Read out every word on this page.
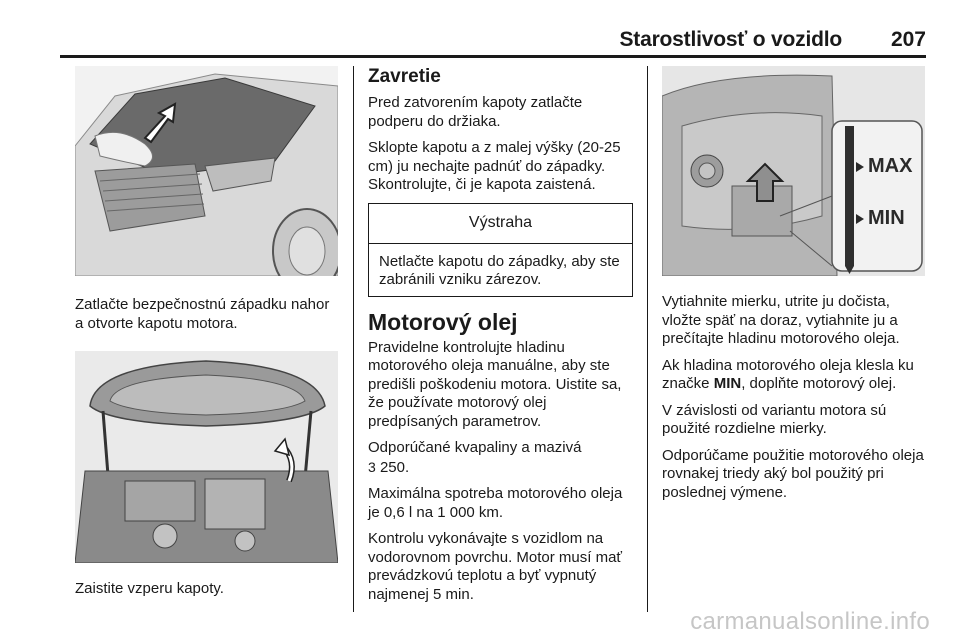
Starostlivosť o vozidlo 207

Zatlačte bezpečnostnú západku nahor a otvorte kapotu motora.

Zaistite vzperu kapoty.

Zavretie

Pred zatvorením kapoty zatlačte podperu do držiaka.

Sklopte kapotu a z malej výšky (20-25 cm) ju nechajte padnúť do západky. Skontrolujte, či je kapota zaistená.

Výstraha

Netlačte kapotu do západky, aby ste zabránili vzniku zárezov.

Motorový olej

Pravidelne kontrolujte hladinu motorového oleja manuálne, aby ste predišli poškodeniu motora. Uistite sa, že používate motorový olej predpísaných parametrov.

Odporúčané kvapaliny a mazivá
3 250.

Maximálna spotreba motorového oleja je 0,6 l na 1 000 km.

Kontrolu vykonávajte s vozidlom na vodorovnom povrchu. Motor musí mať prevádzkovú teplotu a byť vypnutý najmenej 5 min.

MAX
MIN

Vytiahnite mierku, utrite ju dočista, vložte späť na doraz, vytiahnite ju a prečítajte hladinu motorového oleja.

Ak hladina motorového oleja klesla ku značke MIN, doplňte motorový olej.

V závislosti od variantu motora sú použité rozdielne mierky.

Odporúčame použitie motorového oleja rovnakej triedy aký bol použitý pri poslednej výmene.

carmanualsonline.info
